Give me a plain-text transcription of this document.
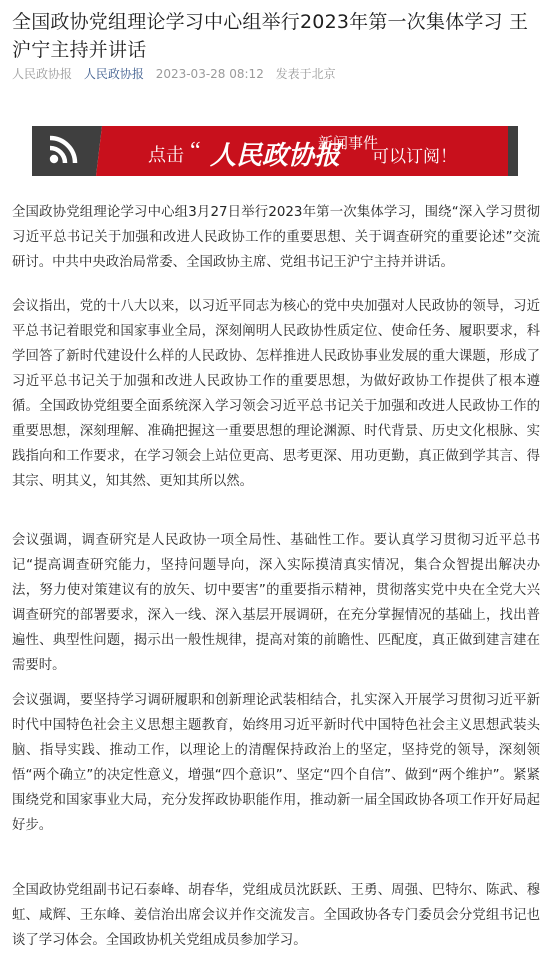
全国政协党组理论学习中心组举行2023年第一次集体学习 王沪宁主持并讲话
人民政协报 人民政协报 2023-03-28 08:12 发表于北京
点击 “ 人民政协报
新闻事件
可以订阅！

全国政协党组理论学习中心组3月27日举行2023年第一次集体学习，围绕“深入学习贯彻习近平总书记关于加强和改进人民政协工作的重要思想、关于调查研究的重要论述”交流研讨。中共中央政治局常委、全国政协主席、党组书记王沪宁主持并讲话。

会议指出，党的十八大以来，以习近平同志为核心的党中央加强对人民政协的领导，习近平总书记着眼党和国家事业全局，深刻阐明人民政协性质定位、使命任务、履职要求，科学回答了新时代建设什么样的人民政协、怎样推进人民政协事业发展的重大课题，形成了习近平总书记关于加强和改进人民政协工作的重要思想，为做好政协工作提供了根本遵循。全国政协党组要全面系统深入学习领会习近平总书记关于加强和改进人民政协工作的重要思想，深刻理解、准确把握这一重要思想的理论渊源、时代背景、历史文化根脉、实践指向和工作要求，在学习领会上站位更高、思考更深、用功更勤，真正做到学其言、得其宗、明其义，知其然、更知其所以然。

会议强调，调查研究是人民政协一项全局性、基础性工作。要认真学习贯彻习近平总书记“提高调查研究能力，坚持问题导向，深入实际摸清真实情况，集合众智提出解决办法，努力使对策建议有的放矢、切中要害”的重要指示精神，贯彻落实党中央在全党大兴调查研究的部署要求，深入一线、深入基层开展调研，在充分掌握情况的基础上，找出普遍性、典型性问题，揭示出一般性规律，提高对策的前瞻性、匹配度，真正做到建言建在需要时。

会议强调，要坚持学习调研履职和创新理论武装相结合，扎实深入开展学习贯彻习近平新时代中国特色社会主义思想主题教育，始终用习近平新时代中国特色社会主义思想武装头脑、指导实践、推动工作，以理论上的清醒保持政治上的坚定，坚持党的领导，深刻领悟“两个确立”的决定性意义，增强“四个意识”、坚定“四个自信”、做到“两个维护”。紧紧围绕党和国家事业大局，充分发挥政协职能作用，推动新一届全国政协各项工作开好局起好步。

全国政协党组副书记石泰峰、胡春华，党组成员沈跃跃、王勇、周强、巴特尔、陈武、穆虹、咸辉、王东峰、姜信治出席会议并作交流发言。全国政协各专门委员会分党组书记也谈了学习体会。全国政协机关党组成员参加学习。
